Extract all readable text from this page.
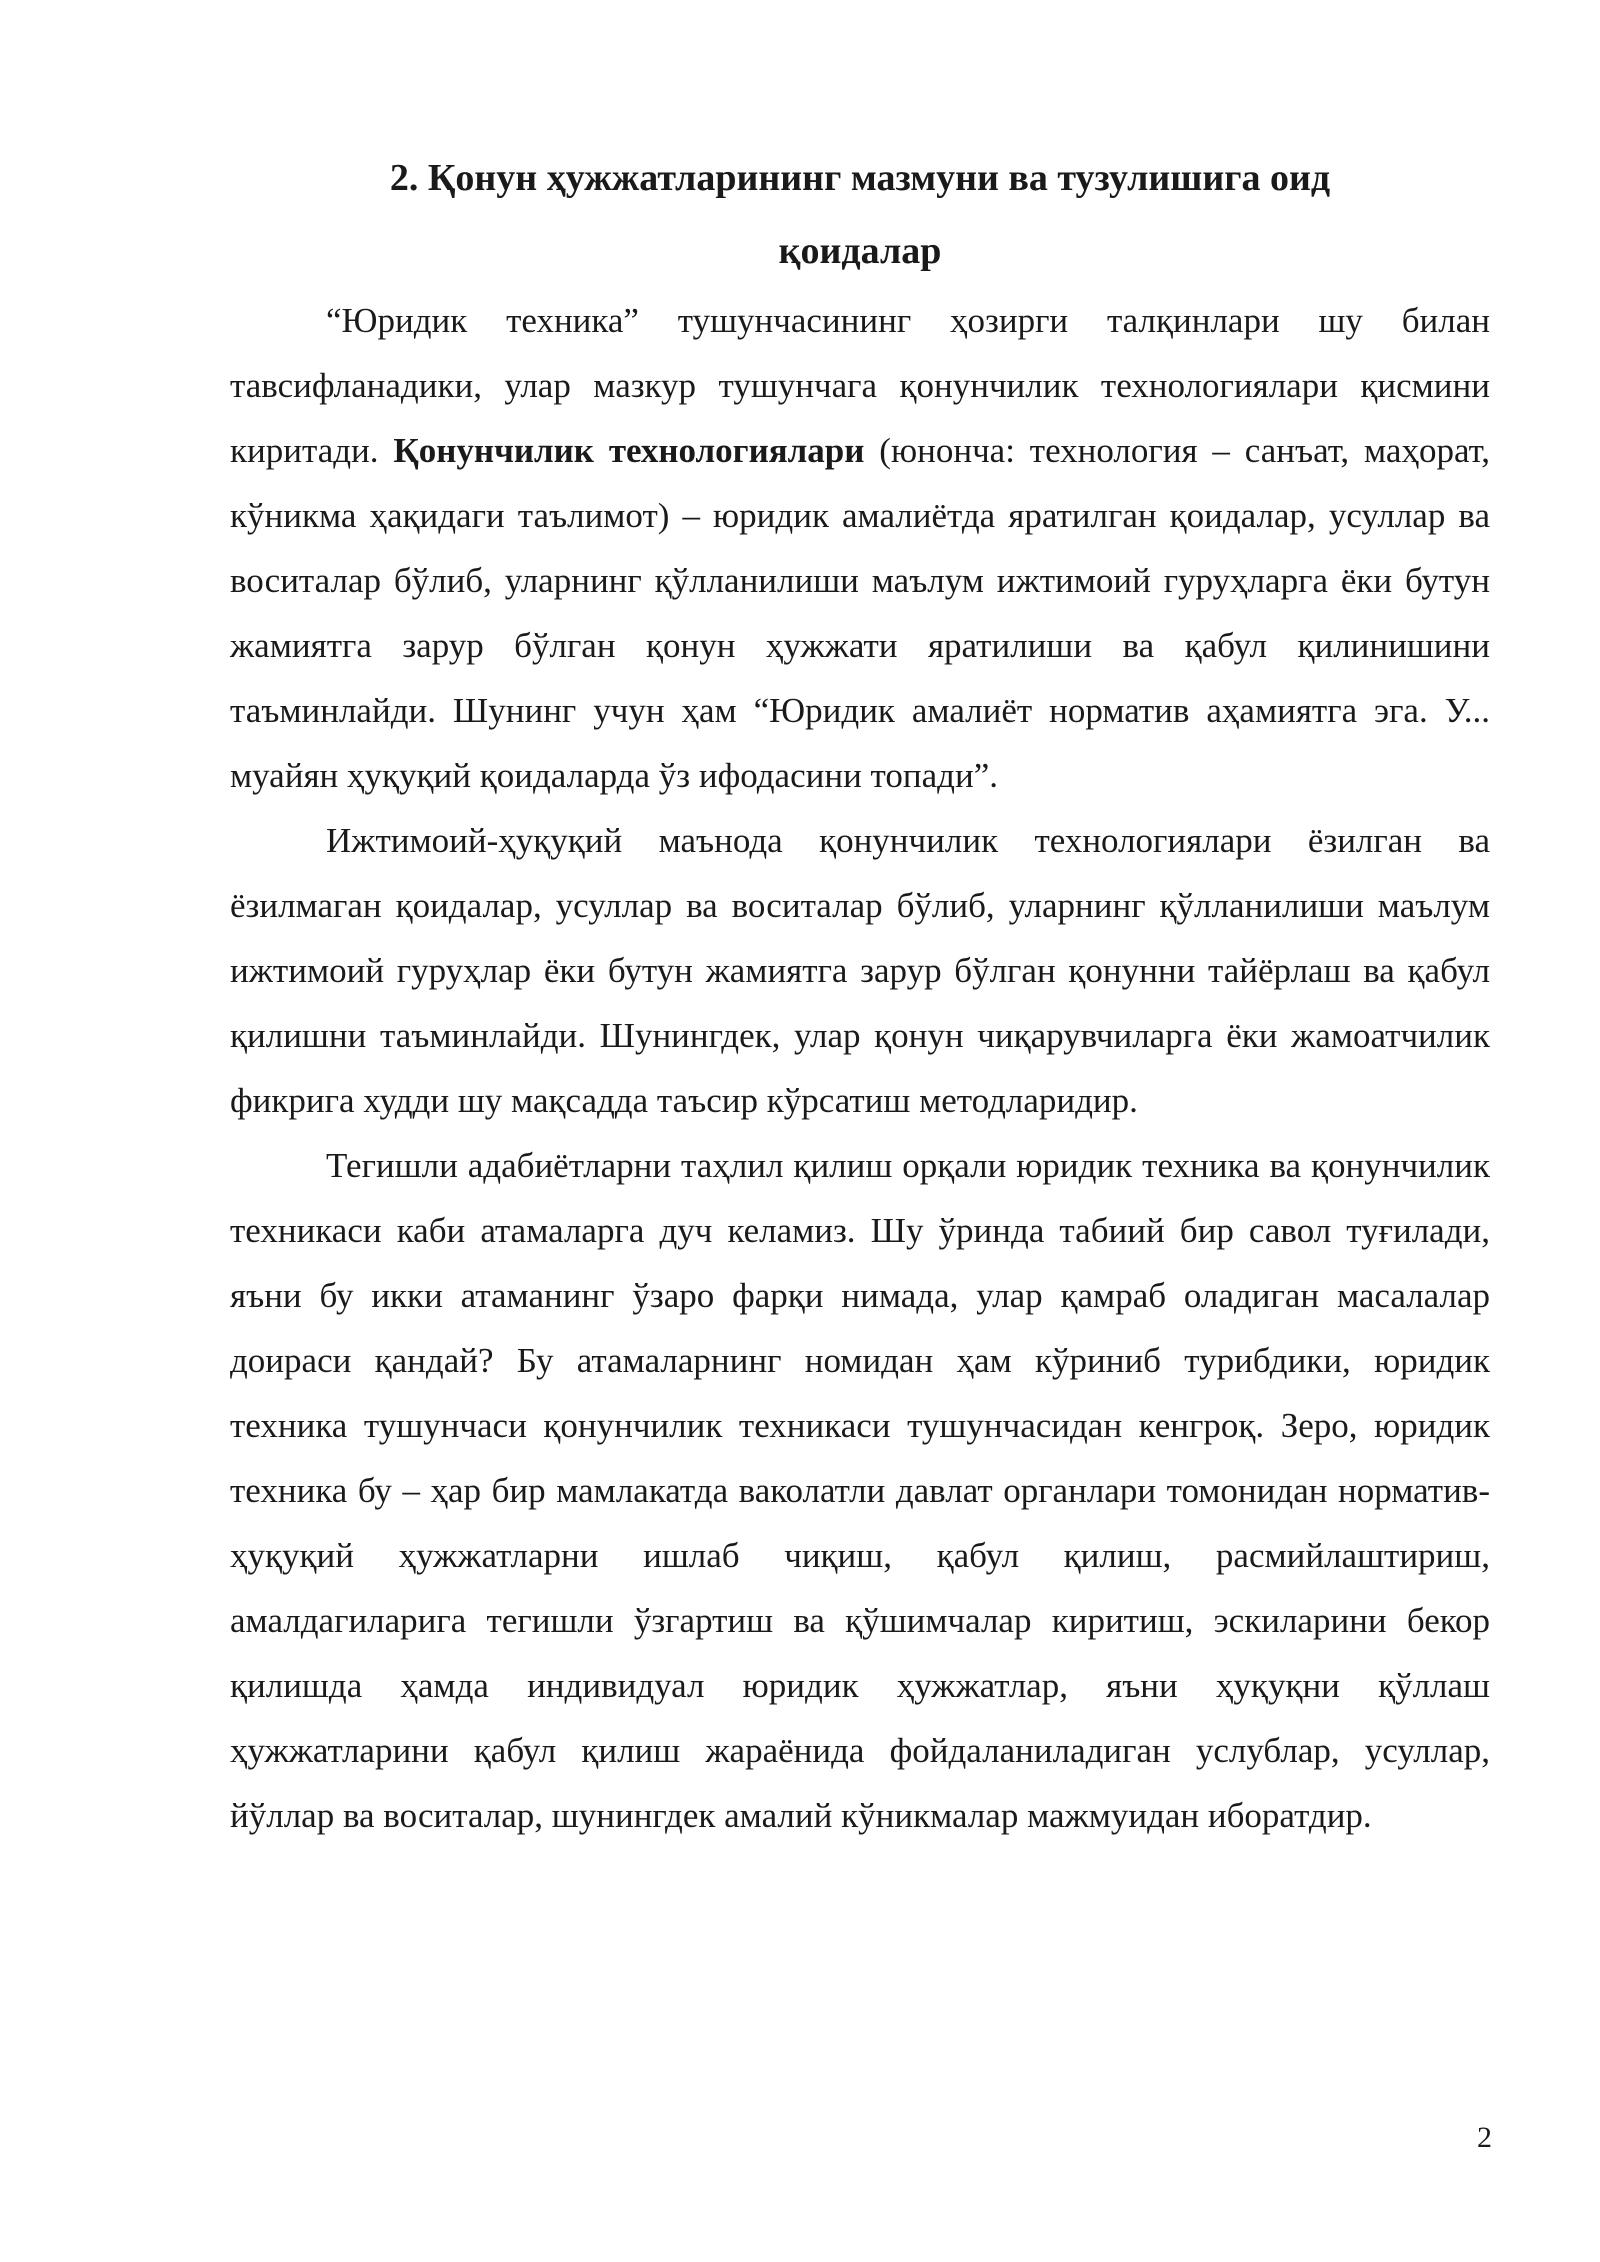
2. Қонун ҳужжатларининг мазмуни ва тузулишига оид
қоидалар

“Юридик техника” тушунчасининг ҳозирги талқинлари шу билан тавсифланадики, улар мазкур тушунчага қонунчилик технологиялари қисмини киритади. Қонунчилик технологиялари (юнонча: технология – санъат, маҳорат, кўникма ҳақидаги таълимот) – юридик амалиётда яратилган қоидалар, усуллар ва воситалар бўлиб, уларнинг қўлланилиши маълум ижтимоий гуруҳларга ёки бутун жамиятга зарур бўлган қонун ҳужжати яратилиши ва қабул қилинишини таъминлайди. Шунинг учун ҳам “Юридик амалиёт норматив аҳамиятга эга. У... муайян ҳуқуқий қоидаларда ўз ифодасини топади”.

Ижтимоий-ҳуқуқий маънода қонунчилик технологиялари ёзилган ва ёзилмаган қоидалар, усуллар ва воситалар бўлиб, уларнинг қўлланилиши маълум ижтимоий гуруҳлар ёки бутун жамиятга зарур бўлган қонунни тайёрлаш ва қабул қилишни таъминлайди. Шунингдек, улар қонун чиқарувчиларга ёки жамоатчилик фикрига худди шу мақсадда таъсир кўрсатиш методларидир.

Тегишли адабиётларни таҳлил қилиш орқали юридик техника ва қонунчилик техникаси каби атамаларга дуч келамиз. Шу ўринда табиий бир савол туғилади, яъни бу икки атаманинг ўзаро фарқи нимада, улар қамраб оладиган масалалар доираси қандай? Бу атамаларнинг номидан ҳам кўриниб турибдики, юридик техника тушунчаси қонунчилик техникаси тушунчасидан кенгроқ. Зеро, юридик техника бу – ҳар бир мамлакатда ваколатли давлат органлари томонидан норматив-ҳуқуқий ҳужжатларни ишлаб чиқиш, қабул қилиш, расмийлаштириш, амалдагиларига тегишли ўзгартиш ва қўшимчалар киритиш, эскиларини бекор қилишда ҳамда индивидуал юридик ҳужжатлар, яъни ҳуқуқни қўллаш ҳужжатларини қабул қилиш жараёнида фойдаланиладиган услублар, усуллар, йўллар ва воситалар, шунингдек амалий кўникмалар мажмуидан иборатдир.

2
